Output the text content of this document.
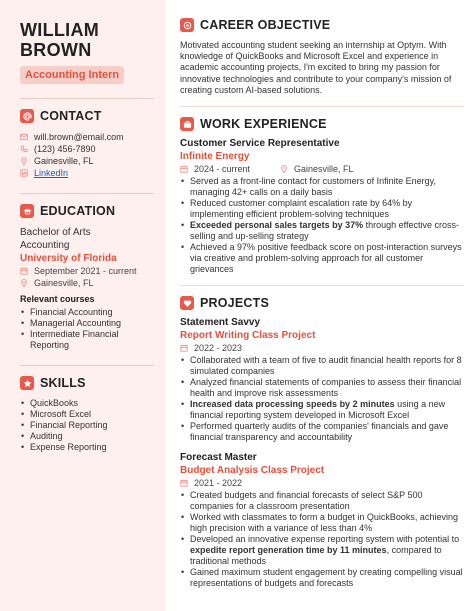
WILLIAM
BROWN
Accounting Intern
CONTACT
will.brown@email.com
(123) 456-7890
Gainesville, FL
LinkedIn
EDUCATION
Bachelor of Arts
Accounting
University of Florida
September 2021 - current
Gainesville, FL
Relevant courses
• Financial Accounting
• Managerial Accounting
• Intermediate Financial Reporting
SKILLS
• QuickBooks
• Microsoft Excel
• Financial Reporting
• Auditing
• Expense Reporting
CAREER OBJECTIVE

Motivated accounting student seeking an internship at Optym. With knowledge of QuickBooks and Microsoft Excel and experience in academic accounting projects, I'm excited to bring my passion for innovative technologies and contribute to your company's mission of creating custom AI-based solutions.

WORK EXPERIENCE
Customer Service Representative
Infinite Energy
2024 - current	Gainesville, FL
• Served as a front-line contact for customers of Infinite Energy, managing 42+ calls on a daily basis
• Reduced customer complaint escalation rate by 64% by implementing efficient problem-solving techniques
• Exceeded personal sales targets by 37% through effective cross-selling and up-selling strategy
• Achieved a 97% positive feedback score on post-interaction surveys via creative and problem-solving approach for all customer grievances
PROJECTS
Statement Savvy
Report Writing Class Project
2022 - 2023
• Collaborated with a team of five to audit financial health reports for 8 simulated companies
• Analyzed financial statements of companies to assess their financial health and improve risk assessments
• Increased data processing speeds by 2 minutes using a new financial reporting system developed in Microsoft Excel
• Performed quarterly audits of the companies' financials and gave financial transparency and accountability
Forecast Master
Budget Analysis Class Project
2021 - 2022
• Created budgets and financial forecasts of select S&P 500 companies for a classroom presentation
• Worked with classmates to form a budget in QuickBooks, achieving high precision with a variance of less than 4%
• Developed an innovative expense reporting system with potential to expedite report generation time by 11 minutes, compared to traditional methods
• Gained maximum student engagement by creating compelling visual representations of budgets and forecasts
